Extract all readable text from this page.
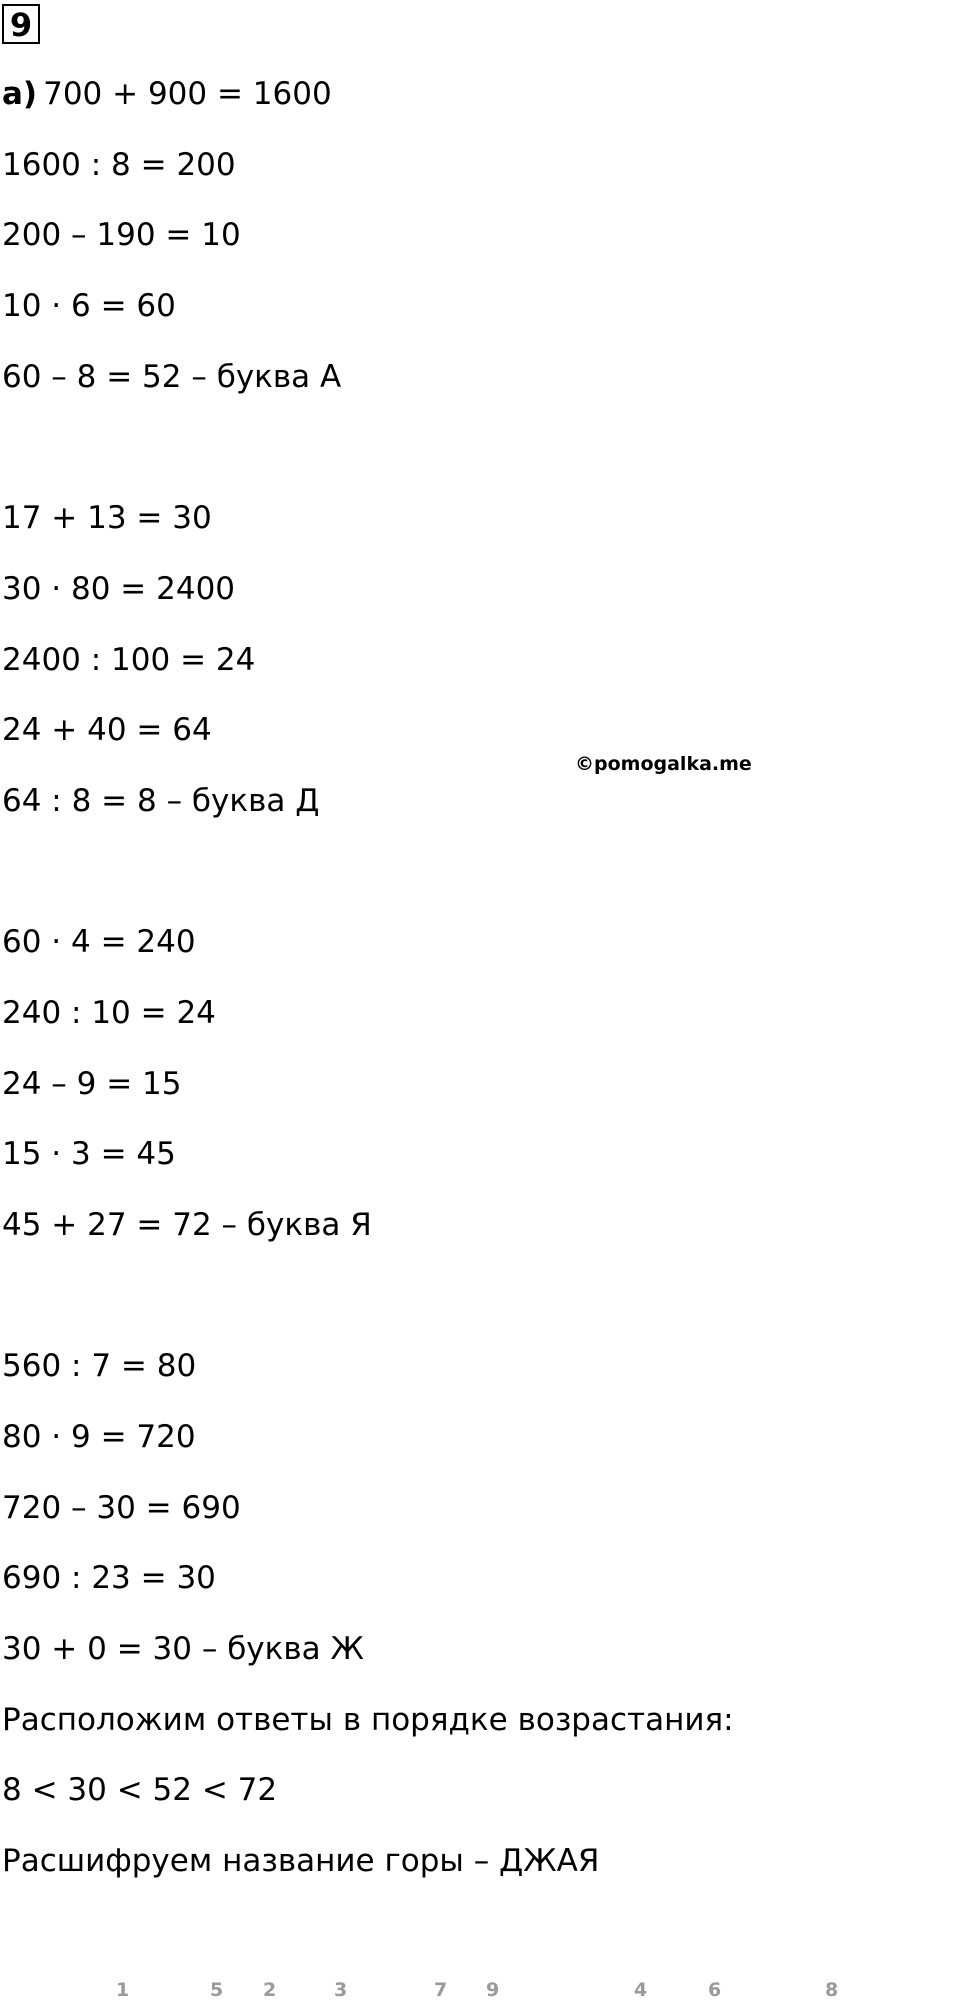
9
а) 700 + 900 = 1600
1600 : 8 = 200
200 – 190 = 10
10 · 6 = 60
60 – 8 = 52 – буква А
17 + 13 = 30
30 · 80 = 2400
2400 : 100 = 24
24 + 40 = 64
64 : 8 = 8 – буква Д
60 · 4 = 240
240 : 10 = 24
24 – 9 = 15
15 · 3 = 45
45 + 27 = 72 – буква Я
560 : 7 = 80
80 · 9 = 720
720 – 30 = 690
690 : 23 = 30
30 + 0 = 30 – буква Ж
Расположим ответы в порядке возрастания:
8 < 30 < 52 < 72
Расшифруем название горы – ДЖАЯ
©pomogalka.me
1	5 2	3	7 9	4	6	8
